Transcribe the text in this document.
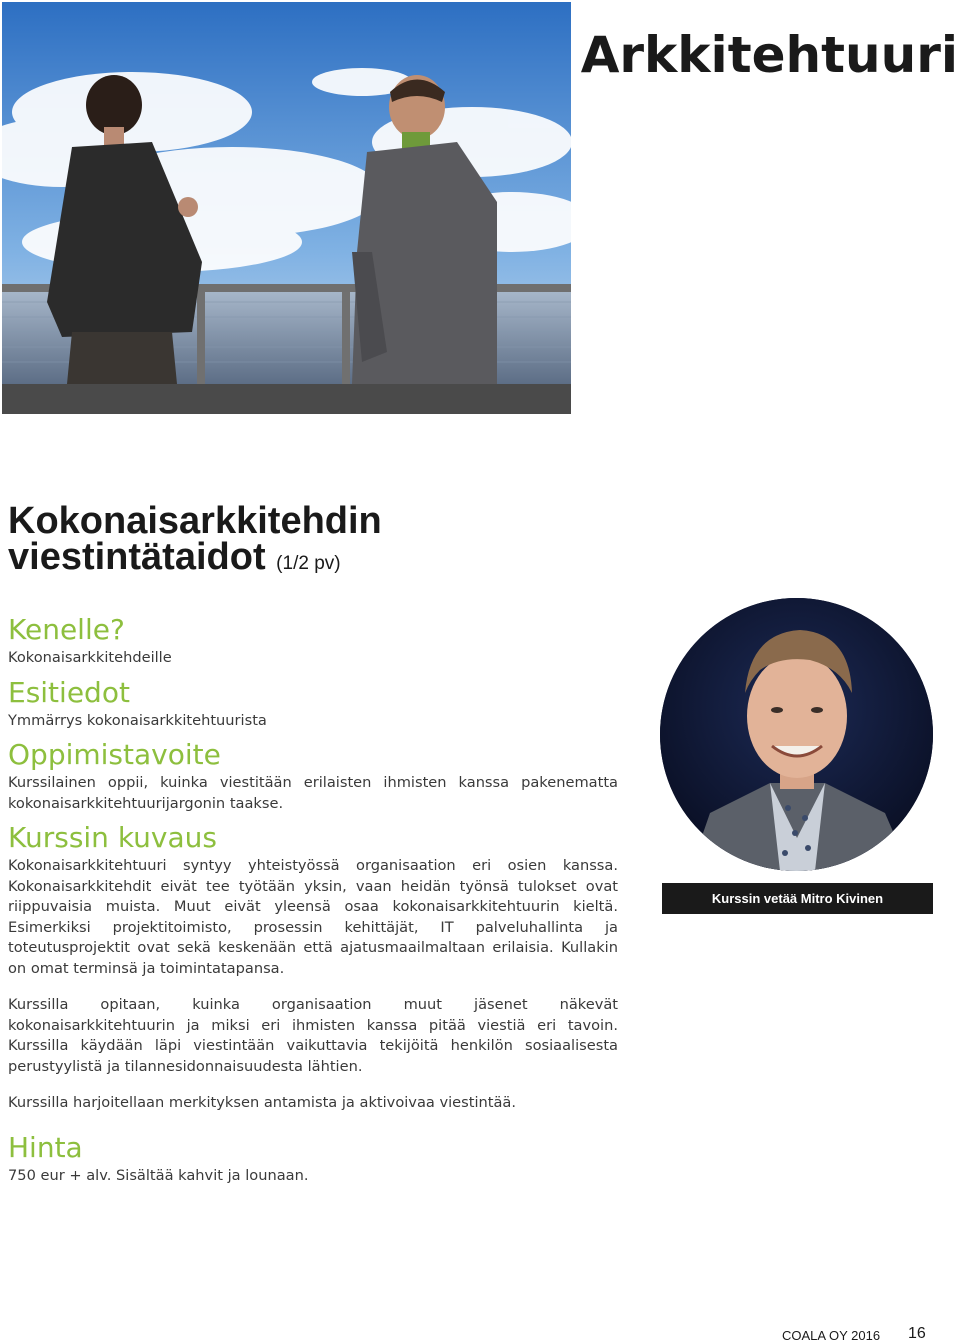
Arkkitehtuuri
Kokonaisarkkitehdin
viestintätaidot (1/2 pv)
Kenelle?

Kokonaisarkkitehdeille

Esitiedot

Ymmärrys kokonaisarkkitehtuurista

Oppimistavoite

Kurssilainen oppii, kuinka viestitään erilaisten ihmisten kanssa pakenematta kokonaisarkkitehtuurijargonin taakse.

Kurssin kuvaus

Kokonaisarkkitehtuuri syntyy yhteistyössä organisaation eri osien kanssa. Kokonaisarkkitehdit eivät tee työtään yksin, vaan heidän työnsä tulokset ovat riippuvaisia muista. Muut eivät yleensä osaa kokonaisarkkitehtuurin kieltä. Esimerkiksi projektitoimisto, prosessin kehittäjät, IT palveluhallinta ja toteutusprojektit ovat sekä keskenään että ajatusmaailmaltaan erilaisia. Kullakin on omat terminsä ja toimintatapansa.

Kurssilla opitaan, kuinka organisaation muut jäsenet näkevät kokonaisarkkitehtuurin ja miksi eri ihmisten kanssa pitää viestiä eri tavoin. Kurssilla käydään läpi viestintään vaikuttavia tekijöitä henkilön sosiaalisesta perustyylistä ja tilannesidonnaisuudesta lähtien.

Kurssilla harjoitellaan merkityksen antamista ja aktivoivaa viestintää.

Hinta

750 eur + alv. Sisältää kahvit ja lounaan.

Kurssin vetää Mitro Kivinen
COALA OY 2016 16
